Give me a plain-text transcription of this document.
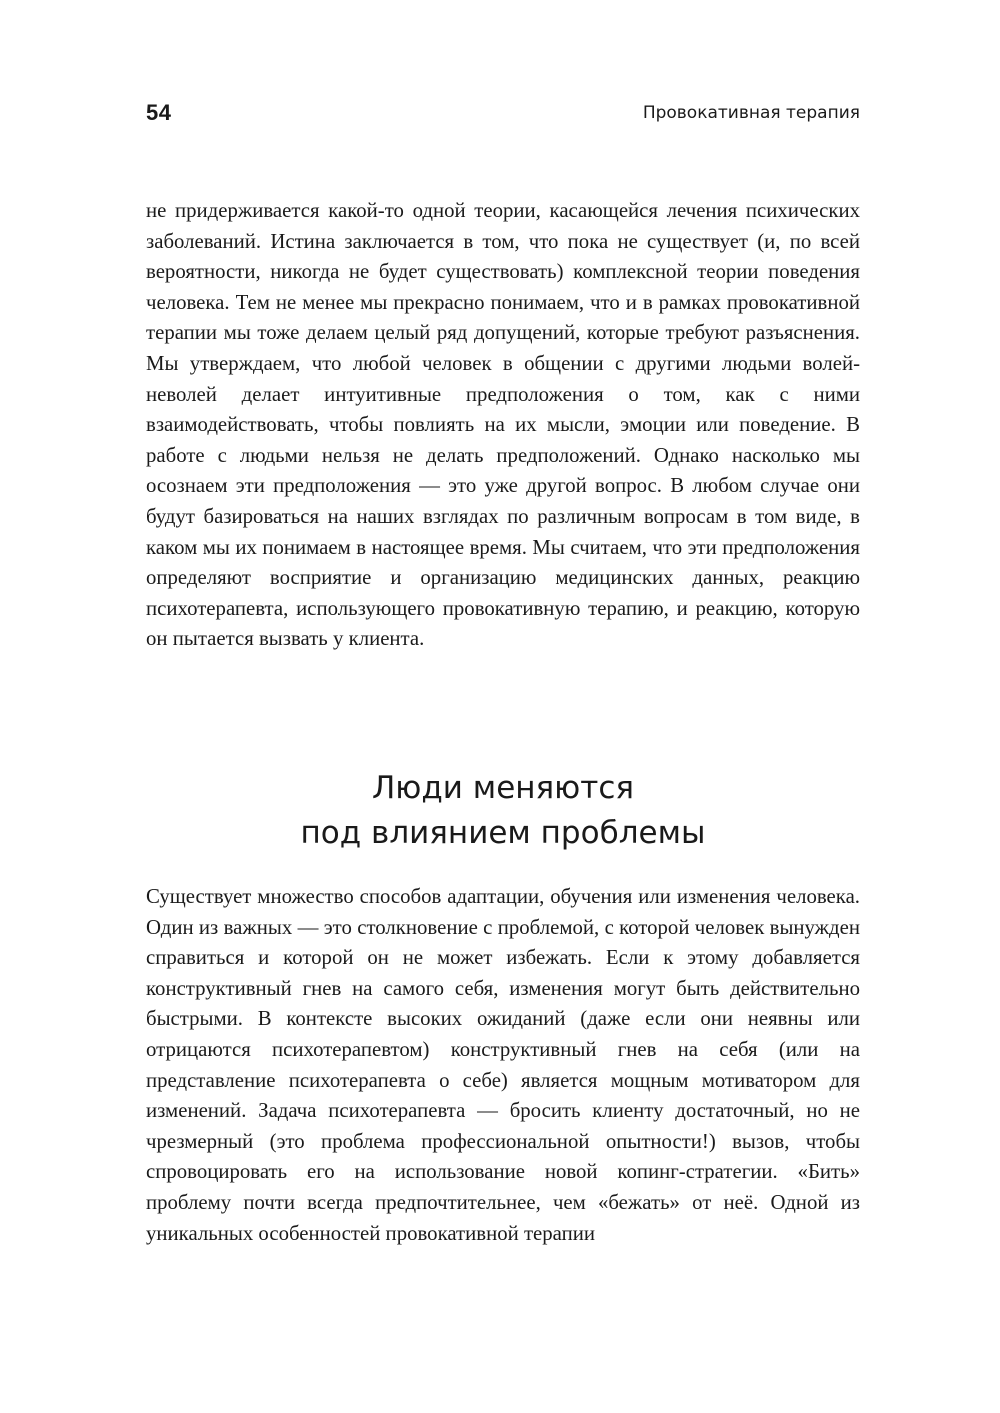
54	Провокативная терапия

не придерживается какой-то одной теории, касающейся лечения психических заболеваний. Истина заключается в том, что пока не существует (и, по всей вероятности, никогда не будет существовать) комплексной теории поведения человека. Тем не менее мы прекрасно понимаем, что и в рамках провокативной терапии мы тоже делаем целый ряд допущений, которые требуют разъяснения. Мы утверждаем, что любой человек в общении с другими людьми волей-неволей делает интуитивные предположения о том, как с ними взаимодействовать, чтобы повлиять на их мысли, эмоции или поведение. В работе с людьми нельзя не делать предположений. Однако насколько мы осознаем эти предположения — это уже другой вопрос. В любом случае они будут базироваться на наших взглядах по различным вопросам в том виде, в каком мы их понимаем в настоящее время. Мы считаем, что эти предположения определяют восприятие и организацию медицинских данных, реакцию психотерапевта, использующего провокативную терапию, и реакцию, которую он пытается вызвать у клиента.

Люди меняются
под влиянием проблемы

Существует множество способов адаптации, обучения или изменения человека. Один из важных — это столкновение с проблемой, с которой человек вынужден справиться и которой он не может избежать. Если к этому добавляется конструктивный гнев на самого себя, изменения могут быть действительно быстрыми. В контексте высоких ожиданий (даже если они неявны или отрицаются психотерапевтом) конструктивный гнев на себя (или на представление психотерапевта о себе) является мощным мотиватором для изменений. Задача психотерапевта — бросить клиенту достаточный, но не чрезмерный (это проблема профессиональной опытности!) вызов, чтобы спровоцировать его на использование новой копинг-стратегии. «Бить» проблему почти всегда предпочтительнее, чем «бежать» от неё. Одной из уникальных особенностей провокативной терапии
